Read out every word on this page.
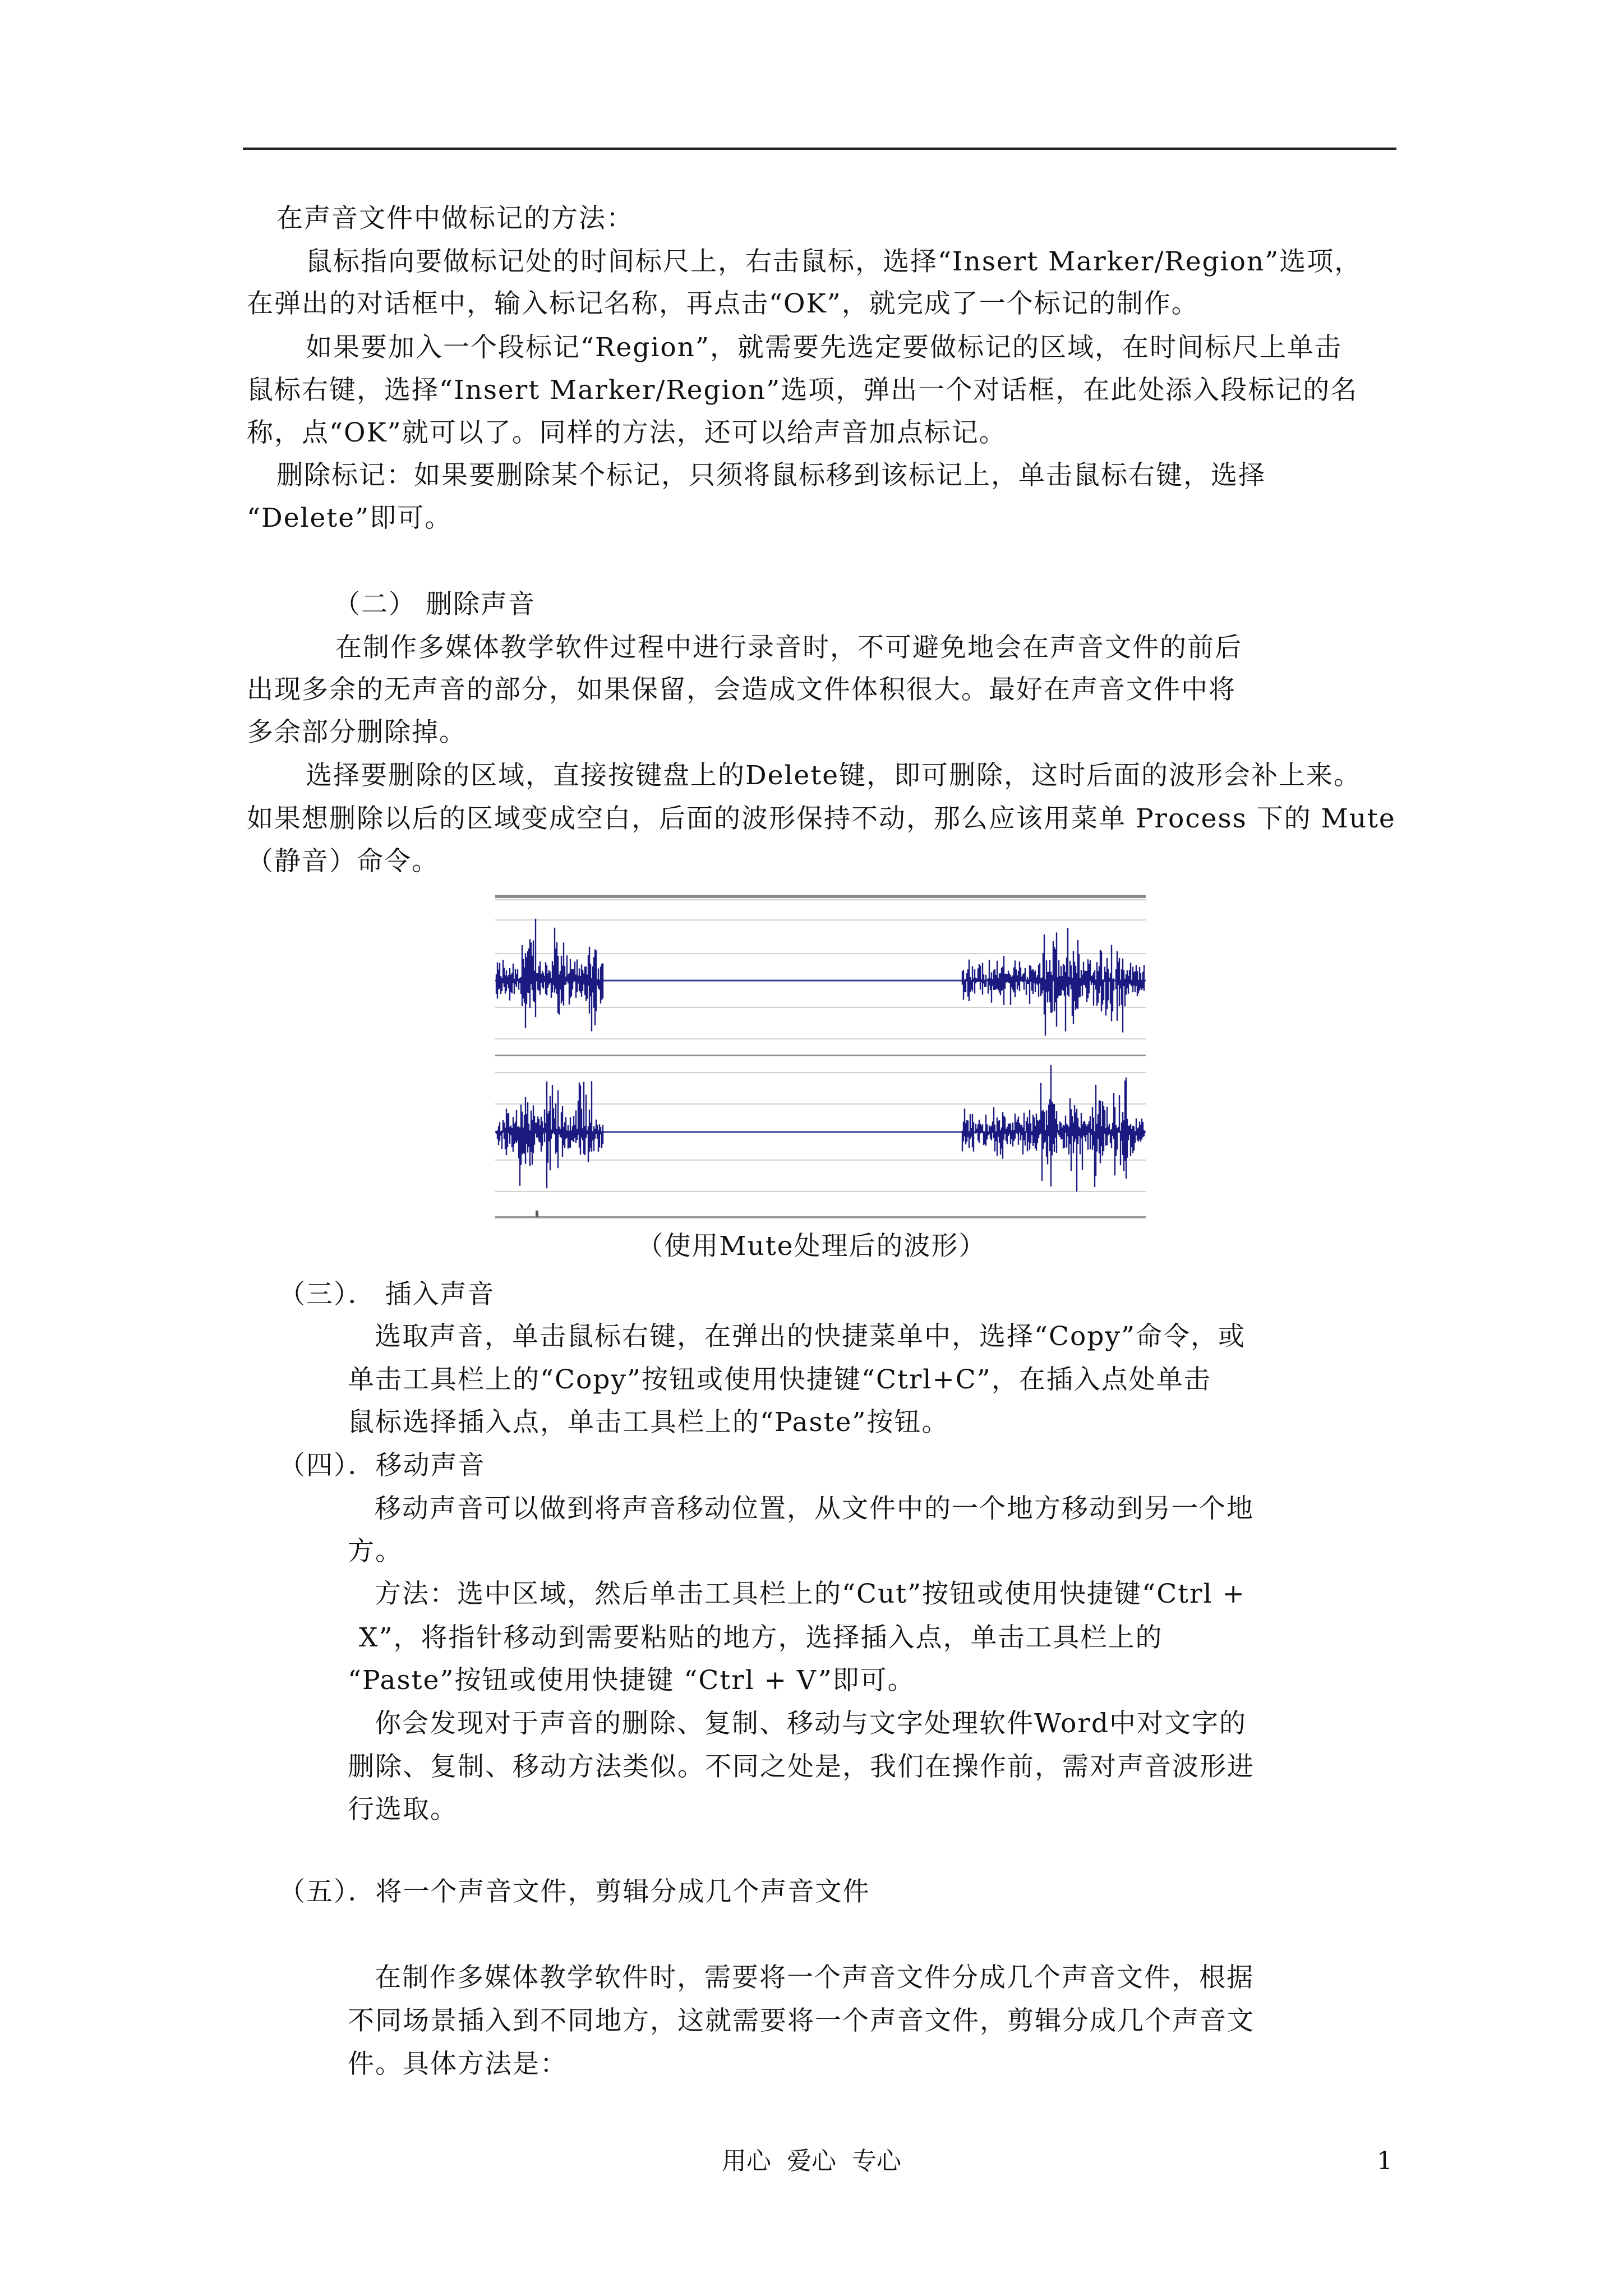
在声音文件中做标记的方法：
鼠标指向要做标记处的时间标尺上，右击鼠标，选择“Insert Marker/Region”选项，
在弹出的对话框中，输入标记名称，再点击“OK”，就完成了一个标记的制作。
如果要加入一个段标记“Region”，就需要先选定要做标记的区域，在时间标尺上单击
鼠标右键，选择“Insert Marker/Region”选项，弹出一个对话框，在此处添入段标记的名
称，点“OK”就可以了。同样的方法，还可以给声音加点标记。
删除标记：如果要删除某个标记，只须将鼠标移到该标记上，单击鼠标右键，选择
“Delete”即可。
（二） 删除声音
在制作多媒体教学软件过程中进行录音时，不可避免地会在声音文件的前后
出现多余的无声音的部分，如果保留，会造成文件体积很大。最好在声音文件中将
多余部分删除掉。
选择要删除的区域，直接按键盘上的Delete键，即可删除，这时后面的波形会补上来。
如果想删除以后的区域变成空白，后面的波形保持不动，那么应该用菜单 Process 下的 Mute
（静音）命令。
（使用Mute处理后的波形）
（三）． 插入声音
选取声音，单击鼠标右键，在弹出的快捷菜单中，选择“Copy”命令，或
单击工具栏上的“Copy”按钮或使用快捷键“Ctrl+C”，在插入点处单击
鼠标选择插入点，单击工具栏上的“Paste”按钮。
（四）．移动声音
移动声音可以做到将声音移动位置，从文件中的一个地方移动到另一个地
方。
方法：选中区域，然后单击工具栏上的“Cut”按钮或使用快捷键“Ctrl +
X”，将指针移动到需要粘贴的地方，选择插入点，单击工具栏上的
“Paste”按钮或使用快捷键 “Ctrl + V”即可。
你会发现对于声音的删除、复制、移动与文字处理软件Word中对文字的
删除、复制、移动方法类似。不同之处是，我们在操作前，需对声音波形进
行选取。
（五）．将一个声音文件，剪辑分成几个声音文件
在制作多媒体教学软件时，需要将一个声音文件分成几个声音文件，根据
不同场景插入到不同地方，这就需要将一个声音文件，剪辑分成几个声音文
件。具体方法是：
用心  爱心  专心	1
